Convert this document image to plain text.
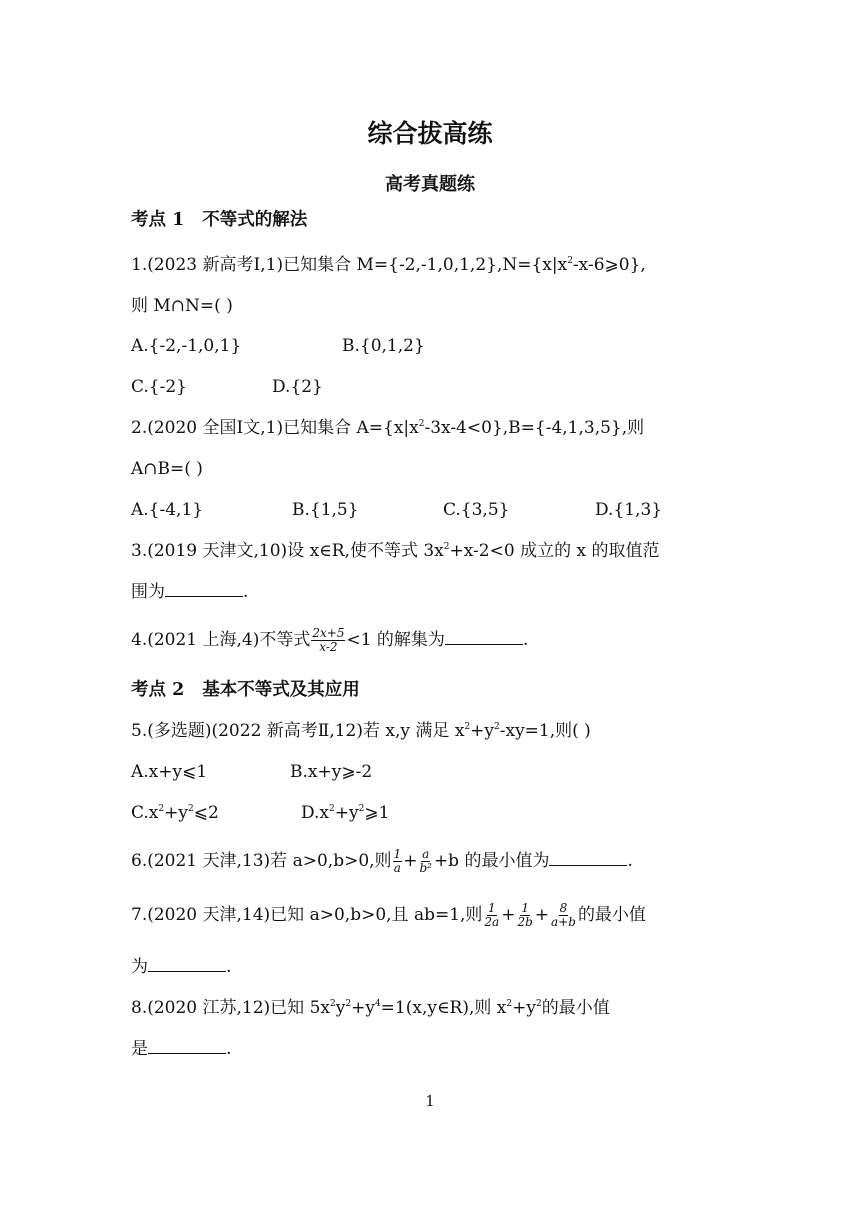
综合拔高练
高考真题练
考点 1 不等式的解法
1.(2023 新高考Ⅰ,1)已知集合 $M=\{-2,-1,0,1,2\},N=\{x|x^2-x-6⩾0\}$,
则 M∩N=( )
A.{-2,-1,0,1}	B.{0,1,2}
C.{-2}	D.{2}
2.(2020 全国Ⅰ文,1)已知集合 $A=\{x|x^2-3x-4<0\},B=\{-4,1,3,5\}$,则
A∩B=( )
A.{-4,1}	B.{1,5}	C.{3,5}	D.{1,3}
3.(2019 天津文,10)设 x∈R,使不等式 $3x^2+x-2<0$ 成立的 x 的取值范
围为	.
4.(2021 上海,4)不等式 $\frac{2x+5}{x-2} <1$ 的解集为	.
考点 2 基本不等式及其应用
5.(多选题)(2022 新高考Ⅱ,12)若 x,y 满足 $x^2+y^2-xy=1$,则( )
A.x+y⩽1	B.x+y⩾-2
$C.x^2+y^2⩽2$	$D.x^2+y^2⩾1$
6.(2021 天津,13)若 a>0,b>0,则 $\frac{1}{a} + \frac{a}{\text{b²}} +b$ 的最小值为	.
7.(2020 天津,14)已知 a>0,b>0,且 ab=1,则 $\frac{1}{2a} + \frac{1}{2b} + \frac{8}{a+b}$ 的最小值
为	.
8.(2020 江苏,12)已知 $5x^2y^2+y^4=1(x,y\in R)$,则 $x^2+y^2$的最小值
是	.
1
